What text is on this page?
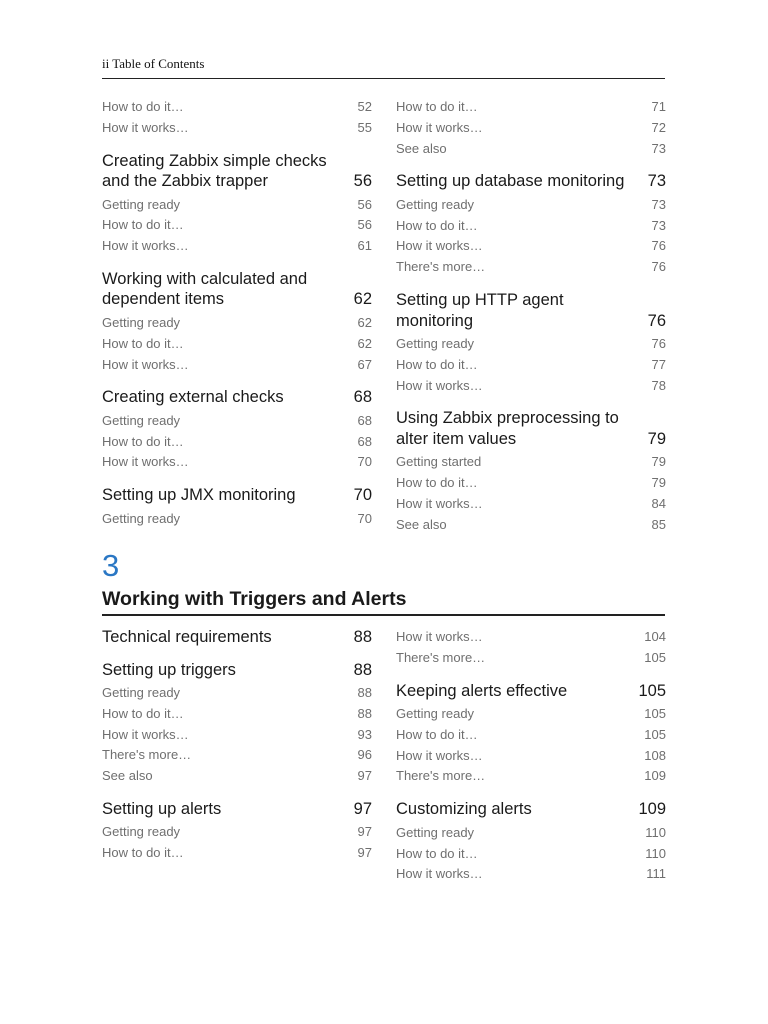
ii Table of Contents
How to do it…	52
How it works…	55
Creating Zabbix simple checks and the Zabbix trapper	56
Getting ready	56
How to do it…	56
How it works…	61
Working with calculated and dependent items	62
Getting ready	62
How to do it…	62
How it works…	67
Creating external checks	68
Getting ready	68
How to do it…	68
How it works…	70
Setting up JMX monitoring	70
Getting ready	70
How to do it…	71
How it works…	72
See also	73
Setting up database monitoring	73
Getting ready	73
How to do it…	73
How it works…	76
There's more…	76
Setting up HTTP agent monitoring	76
Getting ready	76
How to do it…	77
How it works…	78
Using Zabbix preprocessing to alter item values	79
Getting started	79
How to do it…	79
How it works…	84
See also	85
3
Working with Triggers and Alerts
Technical requirements	88
Setting up triggers	88
Getting ready	88
How to do it…	88
How it works…	93
There's more…	96
See also	97
Setting up alerts	97
Getting ready	97
How to do it…	97
How it works…	104
There's more…	105
Keeping alerts effective	105
Getting ready	105
How to do it…	105
How it works…	108
There's more…	109
Customizing alerts	109
Getting ready	110
How to do it…	110
How it works…	111
